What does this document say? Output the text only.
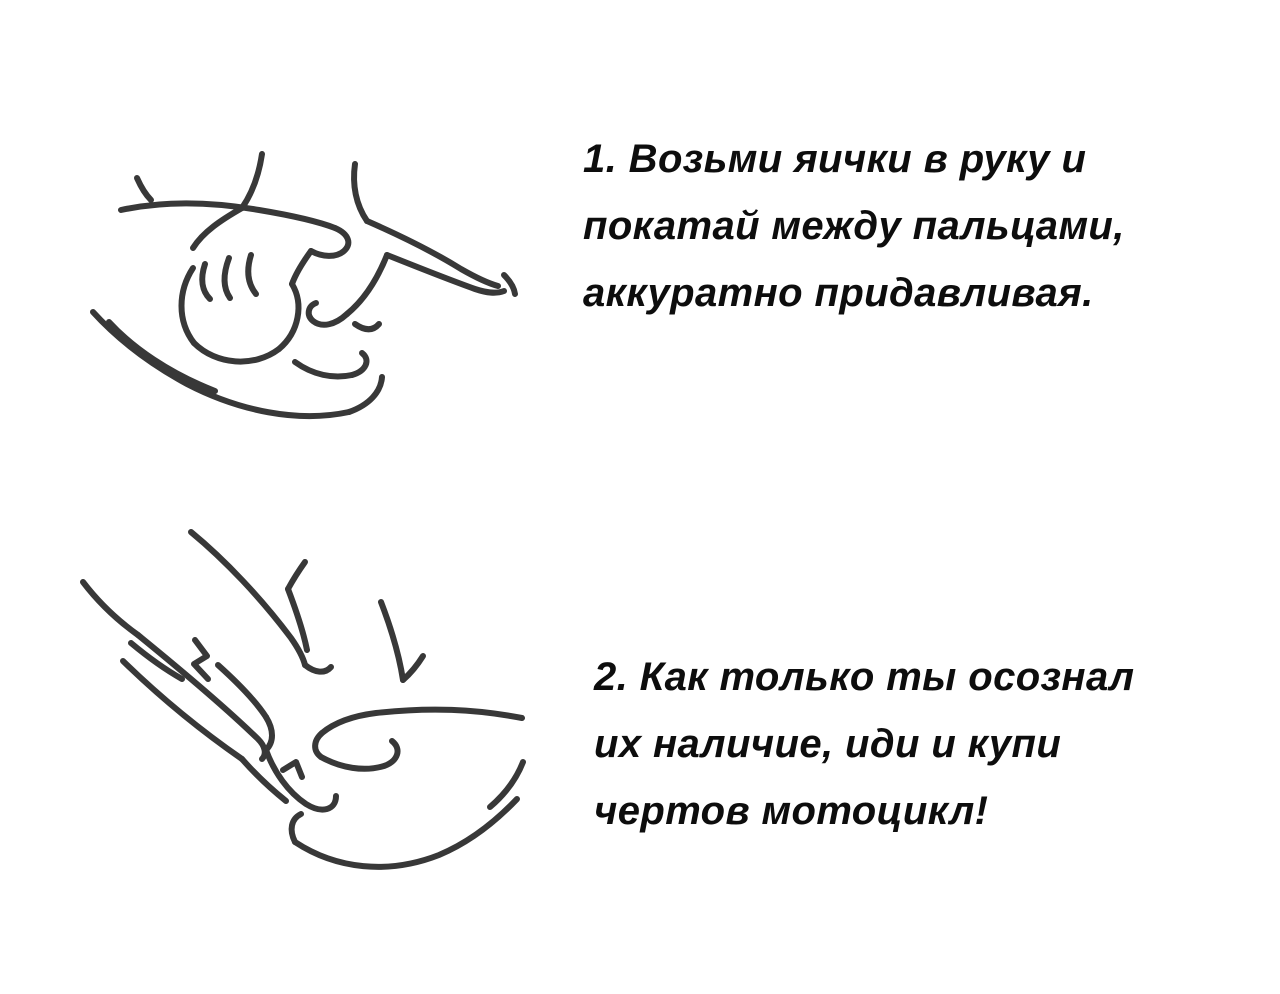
1. Возьми яички в руку и
покатай между пальцами,
аккуратно придавливая.
2. Как только ты осознал
их наличие, иди и купи
чертов мотоцикл!
